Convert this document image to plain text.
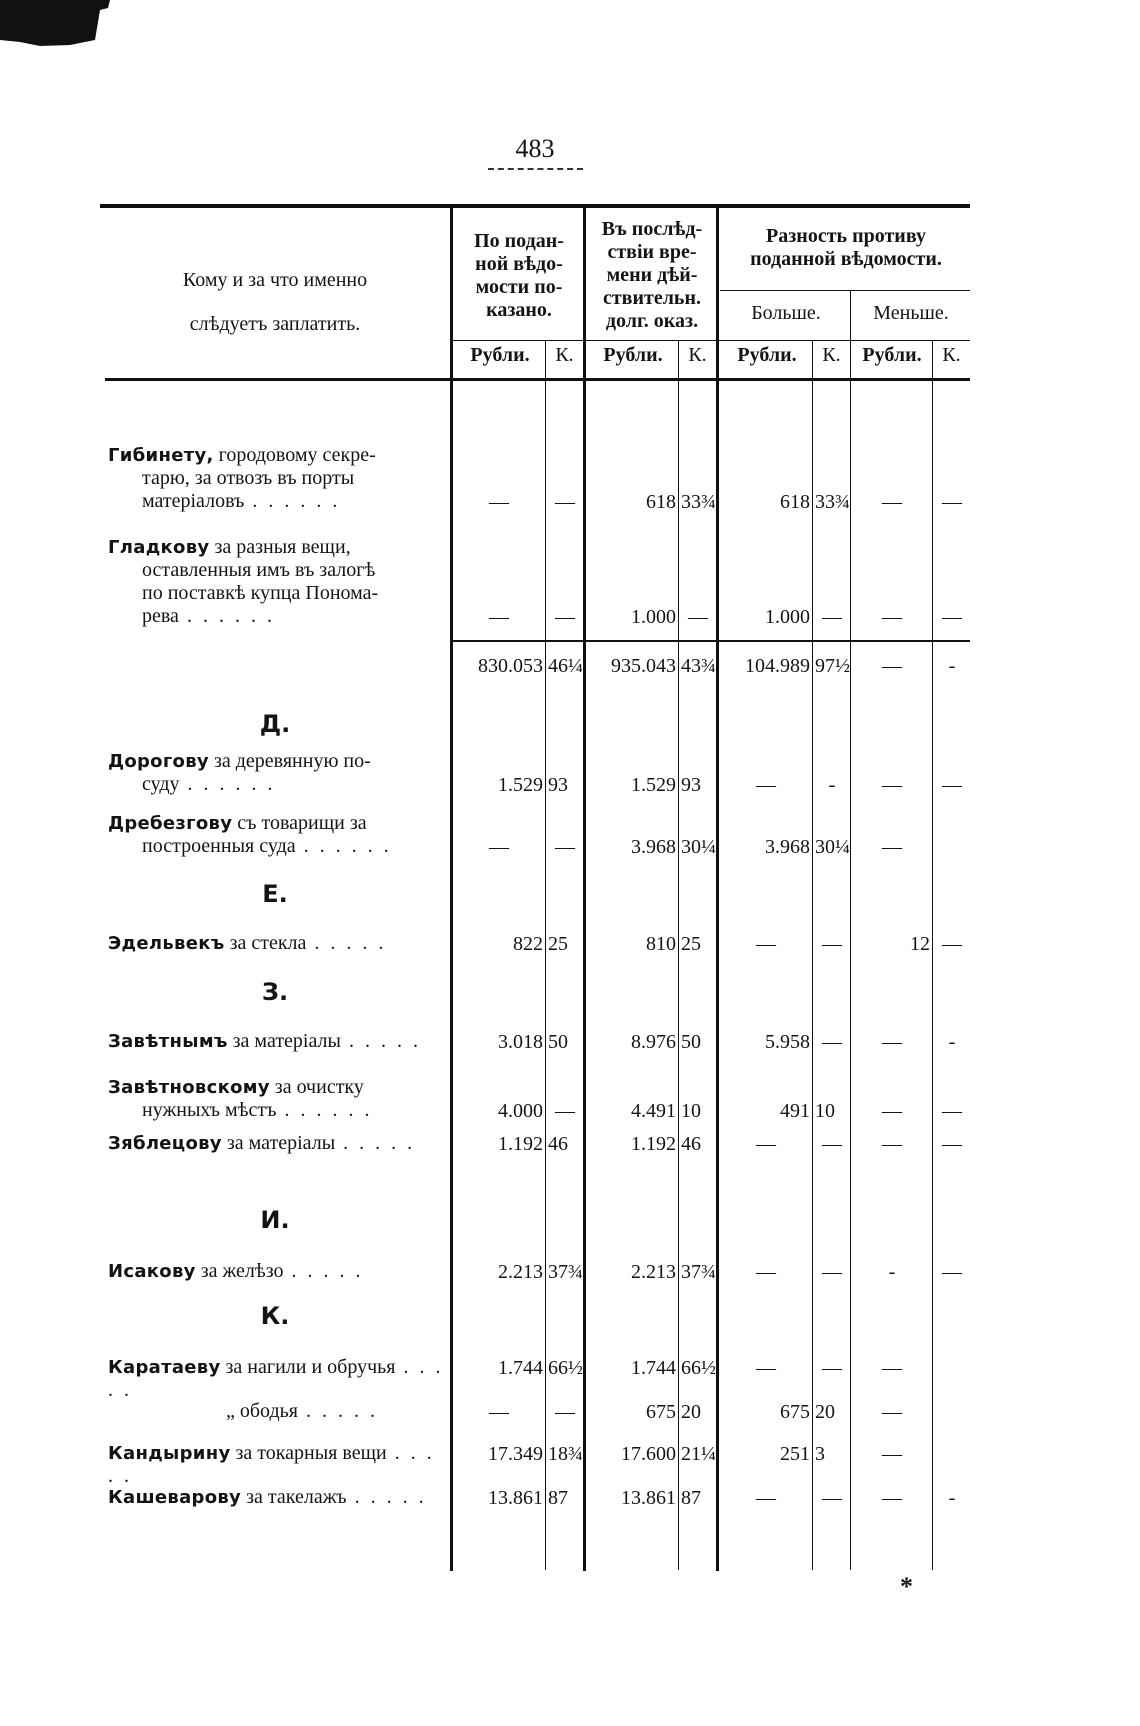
483
Кому и за что именно
слѣдуетъ заплатить.
По подан-
ной вѣдо-
мости по-
казано.
Въ послѣд-
ствіи вре-
мени дѣй-
ствительн.
долг. оказ.
Разность противу
поданной вѣдомости.
Больше.	Меньше.
Рубли.	К.	Рубли.	К.	Рубли.	К.	Рубли.	К.
Гибинету, городовому секре-
тарю, за отвозъ въ порты
матеріаловъ . . . . . .	—	—	618 33¾	618 33¾	—	—
Гладкову за разныя вещи,
оставленныя имъ въ залогѣ
по поставкѣ купца Понома-
рева . . . . . .	—	—	1.000 —	1.000 —	—	—
830.053 46¼	935.043 43¾	104.989 97½	—	-
Д.
Дорогову за деревянную по-
суду . . . . . .	1.529 93	1.529 93	—	-	—	—
Дребезгову съ товарищи за
построенныя суда . . . . . .	—	—	3.968 30¼	3.968 30¼	—
Е.
Эдельвекъ за стекла . . . . .	822 25	810 25	—	—	12 —
З.
Завѣтнымъ за матеріалы . . . . .	3.018 50	8.976 50	5.958 —	—	-
Завѣтновскому за очистку
нужныхъ мѣстъ . . . . . .	4.000 —	4.491 10	491 10	—	—
Зяблецову за матеріалы . . . . .	1.192 46	1.192 46	—	—	—	—
И.
Исакову за желѣзо . . . . .	2.213 37¾	2.213 37¾	—	—	-	—
К.
Каратаеву за нагили и обручья . . . . .
1.744 66½	1.744 66½	—	—	—
„ ободья . . . . .	—	—	675 20	675 20	—
Кандырину за токарныя вещи . . . . .
17.349 18¾	17.600 21¼	251 3	—
Кашеварову за такелажъ . . . . .	13.861 87	13.861 87	—	—	—	-
*
